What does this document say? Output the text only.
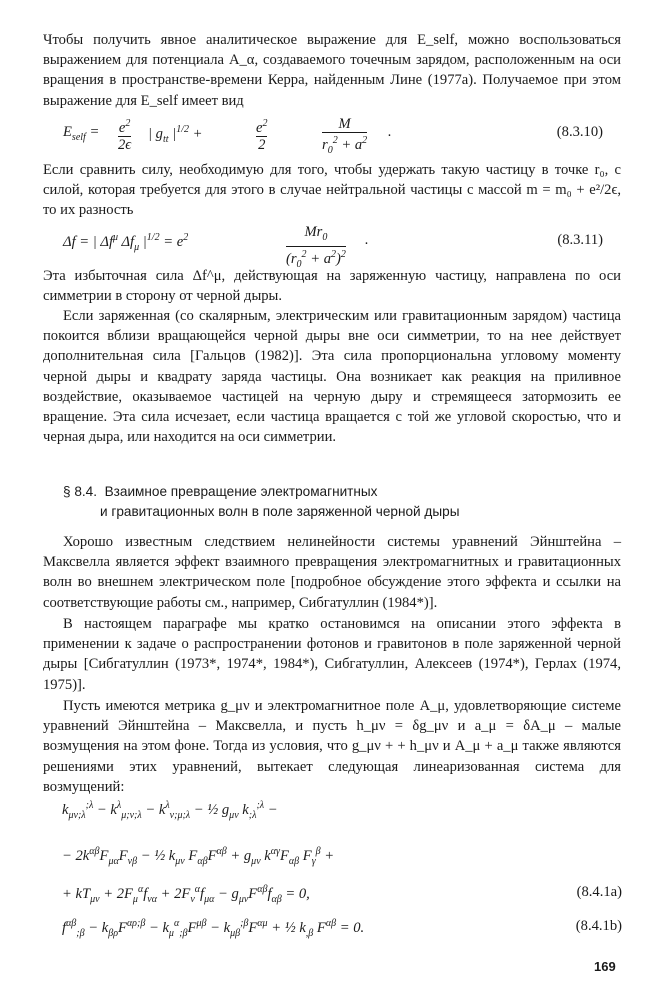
Чтобы получить явное аналитическое выражение для E_self, можно воспользоваться выражением для потенциала A_α, создаваемого точечным зарядом, расположенным на оси вращения в пространстве-времени Керра, найденным Лине (1977а). Получаемое при этом выражение для E_self имеет вид

$E_{self} = \frac{e^2}{2\epsilon}$ | $g_{tt}$ $|^{1/2}$ +	$\frac{e^2}{2}$	$\frac{M}{r_0^2 + a^2}$ .	(8.3.10)

Если сравнить силу, необходимую для того, чтобы удержать такую частицу в точке r₀, с силой, которая требуется для этого в случае нейтральной частицы с массой m = m₀ + e²/2ϵ, то их разность

Δf = | $\Delta f^\mu$ $\Delta f_\mu$ $|^{1/2} = e^2$	$\frac{Mr_0}{(r_0^2 + a^2)^2}$ .	(8.3.11)

Эта избыточная сила Δf^μ, действующая на заряженную частицу, направлена по оси симметрии в сторону от черной дыры.

Если заряженная (со скалярным, электрическим или гравитационным зарядом) частица покоится вблизи вращающейся черной дыры вне оси симметрии, то на нее действует дополнительная сила [Гальцов (1982)]. Эта сила пропорциональна угловому моменту черной дыры и квадрату заряда частицы. Она возникает как реакция на приливное воздействие, оказываемое частицей на черную дыру и стремящееся затормозить ее вращение. Эта сила исчезает, если частица вращается с той же угловой скоростью, что и черная дыра, или находится на оси симметрии.

§ 8.4. Взаимное превращение электромагнитных
и гравитационных волн в поле заряженной черной дыры

Хорошо известным следствием нелинейности системы уравнений Эйнштейна – Максвелла является эффект взаимного превращения электромагнитных и гравитационных волн во внешнем электрическом поле [подробное обсуждение этого эффекта и ссылки на соответствующие работы см., например, Сибгатуллин (1984*)].

В настоящем параграфе мы кратко остановимся на описании этого эффекта в применении к задаче о распространении фотонов и гравитонов в поле заряженной черной дыры [Сибгатуллин (1973*, 1974*, 1984*), Сибгатуллин, Алексеев (1974*), Герлах (1974, 1975)].

Пусть имеются метрика g_μν и электромагнитное поле A_μ, удовлетворяющие системе уравнений Эйнштейна – Максвелла, и пусть h_μν = δg_μν и a_μ = δA_μ – малые возмущения на этом фоне. Тогда из условия, что g_μν + + h_μν и A_μ + a_μ также являются решениями этих уравнений, вытекает следующая линеаризованная система для возмущений:

$k_{\mu\nu;\lambda}^{;\lambda} - k^\lambda_{\mu;\nu;\lambda} - k^\lambda_{\nu;\mu;\lambda}$ − ½ $g_{\mu\nu}$ $k_{;\lambda}^{;\lambda}$ −
− $2k^{\alpha\beta}F_{\mu\alpha}F_{\nu\beta}$ − ½ $k_{\mu\nu}$ $F_{\alpha\beta}F^{\alpha\beta} + g_{\mu\nu}$ $k^{\alpha\gamma}F_{\alpha\beta}$ $F_\gamma^\beta$ +
+ $kT_{\mu\nu} + 2F_\mu^\alpha f_{\nu\alpha} + 2F_\nu^\alpha f_{\mu\alpha} - g_{\mu\nu}F^{\alpha\beta}f_{\alpha\beta} = 0$,	(8.4.1a)
$f^{\alpha\beta}_{;\beta} - k_{\beta\rho}F^{\alpha\rho;\beta} - k_\mu^\alpha_{;\beta}F^{\mu\beta} - k_{\mu\beta}^{;\beta}F^{\alpha\mu}$ + ½ $k_{,\beta}$ $F^{\alpha\beta} = 0$.	(8.4.1b)
169
